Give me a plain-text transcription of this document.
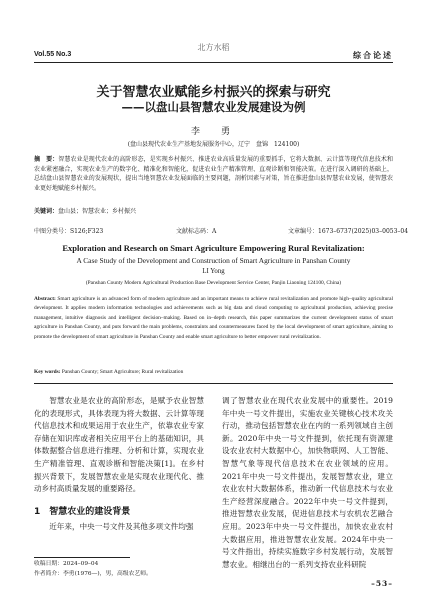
Vol.55 No.3
北方水稻
综合论述
关于智慧农业赋能乡村振兴的探索与研究
——以盘山县智慧农业发展建设为例
李　勇
(盘山县现代农业生产基地发展服务中心，辽宁　盘锦　124100)
摘　要：智慧农业是现代农业的高阶形态，是实现乡村振兴、推进农业高质量发展的重要抓手，它将大数据、云计算等现代信息技术和农业紧密融合，实现农业生产的数字化、精准化和智能化，促进农业生产精准管理、直观诊断和智能决策。在进行深入调研的基础上，总结盘山县智慧农业的发展现状，提出当地智慧农业发展面临的主要问题，剖析因素与对策，旨在推进盘山县智慧农业发展，使智慧农业更好地赋能乡村振兴。
关键词：盘山县；智慧农业；乡村振兴
中图分类号：S126;F323	文献标志码：A	文章编号：1673–6737(2025)03–0053–04
Exploration and Research on Smart Agriculture Empowering Rural Revitalization:
A Case Study of the Development and Construction of Smart Agriculture in Panshan County
LI Yong
(Panshan County Modern Agricultural Production Base Development Service Center, Panjin Liaoning 124100, China)
Abstract: Smart agriculture is an advanced form of modern agriculture and an important means to achieve rural revitalization and promote high–quality agricultural development. It applies modern information technologies and achievements such as big data and cloud computing to agricultural production, achieving precise management, intuitive diagnosis and intelligent decision–making. Based on in–depth research, this paper summarizes the current development status of smart agriculture in Panshan County, and puts forward the main problems, constraints and countermeasures faced by the local development of smart agriculture, aiming to promote the development of smart agriculture in Panshan County and enable smart agriculture to better empower rural revitalization.
Key words: Panshan County; Smart Agriculture; Rural revitalization

智慧农业是农业的高阶形态，是赋予农业智慧化的表现形式，具体表现为将大数据、云计算等现代信息技术和成果运用于农业生产，依靠农业专家存储在知识库或者相关应用平台上的基础知识，具体数据整合信息进行推理、分析和计算，实现农业生产精准管理、直观诊断和智能决策[1]。在乡村振兴背景下，发展智慧农业是实现农业现代化、推动乡村高质量发展的重要路径。

1　智慧农业的建设背景

近年来，中央一号文件及其他多项文件均强

调了智慧农业在现代农业发展中的重要性。2019年中央一号文件提出，实施农业关键核心技术攻关行动，推动包括智慧农业在内的一系列领域自主创新。2020年中央一号文件提到，依托现有资源建设农业农村大数据中心，加快物联网、人工智能、智慧气象等现代信息技术在农业领域的应用。2021年中央一号文件提出，发展智慧农业，建立农业农村大数据体系，推动新一代信息技术与农业生产经营深度融合。2022年中央一号文件提到，推进智慧农业发展，促进信息技术与农机农艺融合应用。2023年中央一号文件提出，加快农业农村大数据应用，推进智慧农业发展。2024年中央一号文件指出，持续实施数字乡村发展行动，发展智慧农业。相继出台的一系列支持农业科研院

收稿日期：2024–09–04
作者简介：李勇(1976—)，男，高级农艺师。
–53–
